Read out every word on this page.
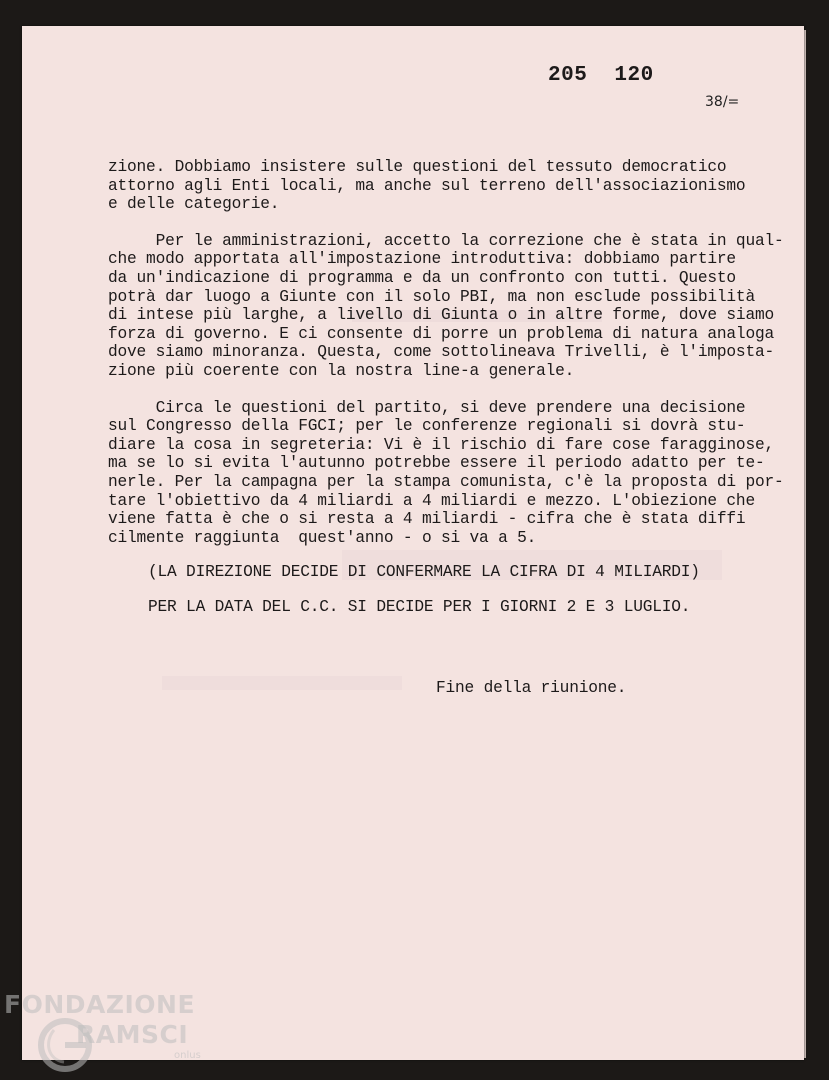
205 120
38/=

zione. Dobbiamo insistere sulle questioni del tessuto democratico

attorno agli Enti locali, ma anche sul terreno dell'associazionismo

e delle categorie.

Per le amministrazioni, accetto la correzione che è stata in qual-

che modo apportata all'impostazione introduttiva: dobbiamo partire

da un'indicazione di programma e da un confronto con tutti. Questo

potrà dar luogo a Giunte con il solo PBI, ma non esclude possibilità

di intese più larghe, a livello di Giunta o in altre forme, dove siamo

forza di governo. E ci consente di porre un problema di natura analoga

dove siamo minoranza. Questa, come sottolineava Trivelli, è l'imposta-

zione più coerente con la nostra line-a generale.

Circa le questioni del partito, si deve prendere una decisione

sul Congresso della FGCI; per le conferenze regionali si dovrà stu-

diare la cosa in segreteria: Vi è il rischio di fare cose faragginose,

ma se lo si evita l'autunno potrebbe essere il periodo adatto per te-

nerle. Per la campagna per la stampa comunista, c'è la proposta di por-

tare l'obiettivo da 4 miliardi a 4 miliardi e mezzo. L'obiezione che

viene fatta è che o si resta a 4 miliardi - cifra che è stata diffi

cilmente raggiunta  quest'anno - o si va a 5.

(LA DIREZIONE DECIDE DI CONFERMARE LA CIFRA DI 4 MILIARDI)
PER LA DATA DEL C.C. SI DECIDE PER I GIORNI 2 E 3 LUGLIO.
Fine della riunione.
FONDAZIONE
RAMSCI
onlus
